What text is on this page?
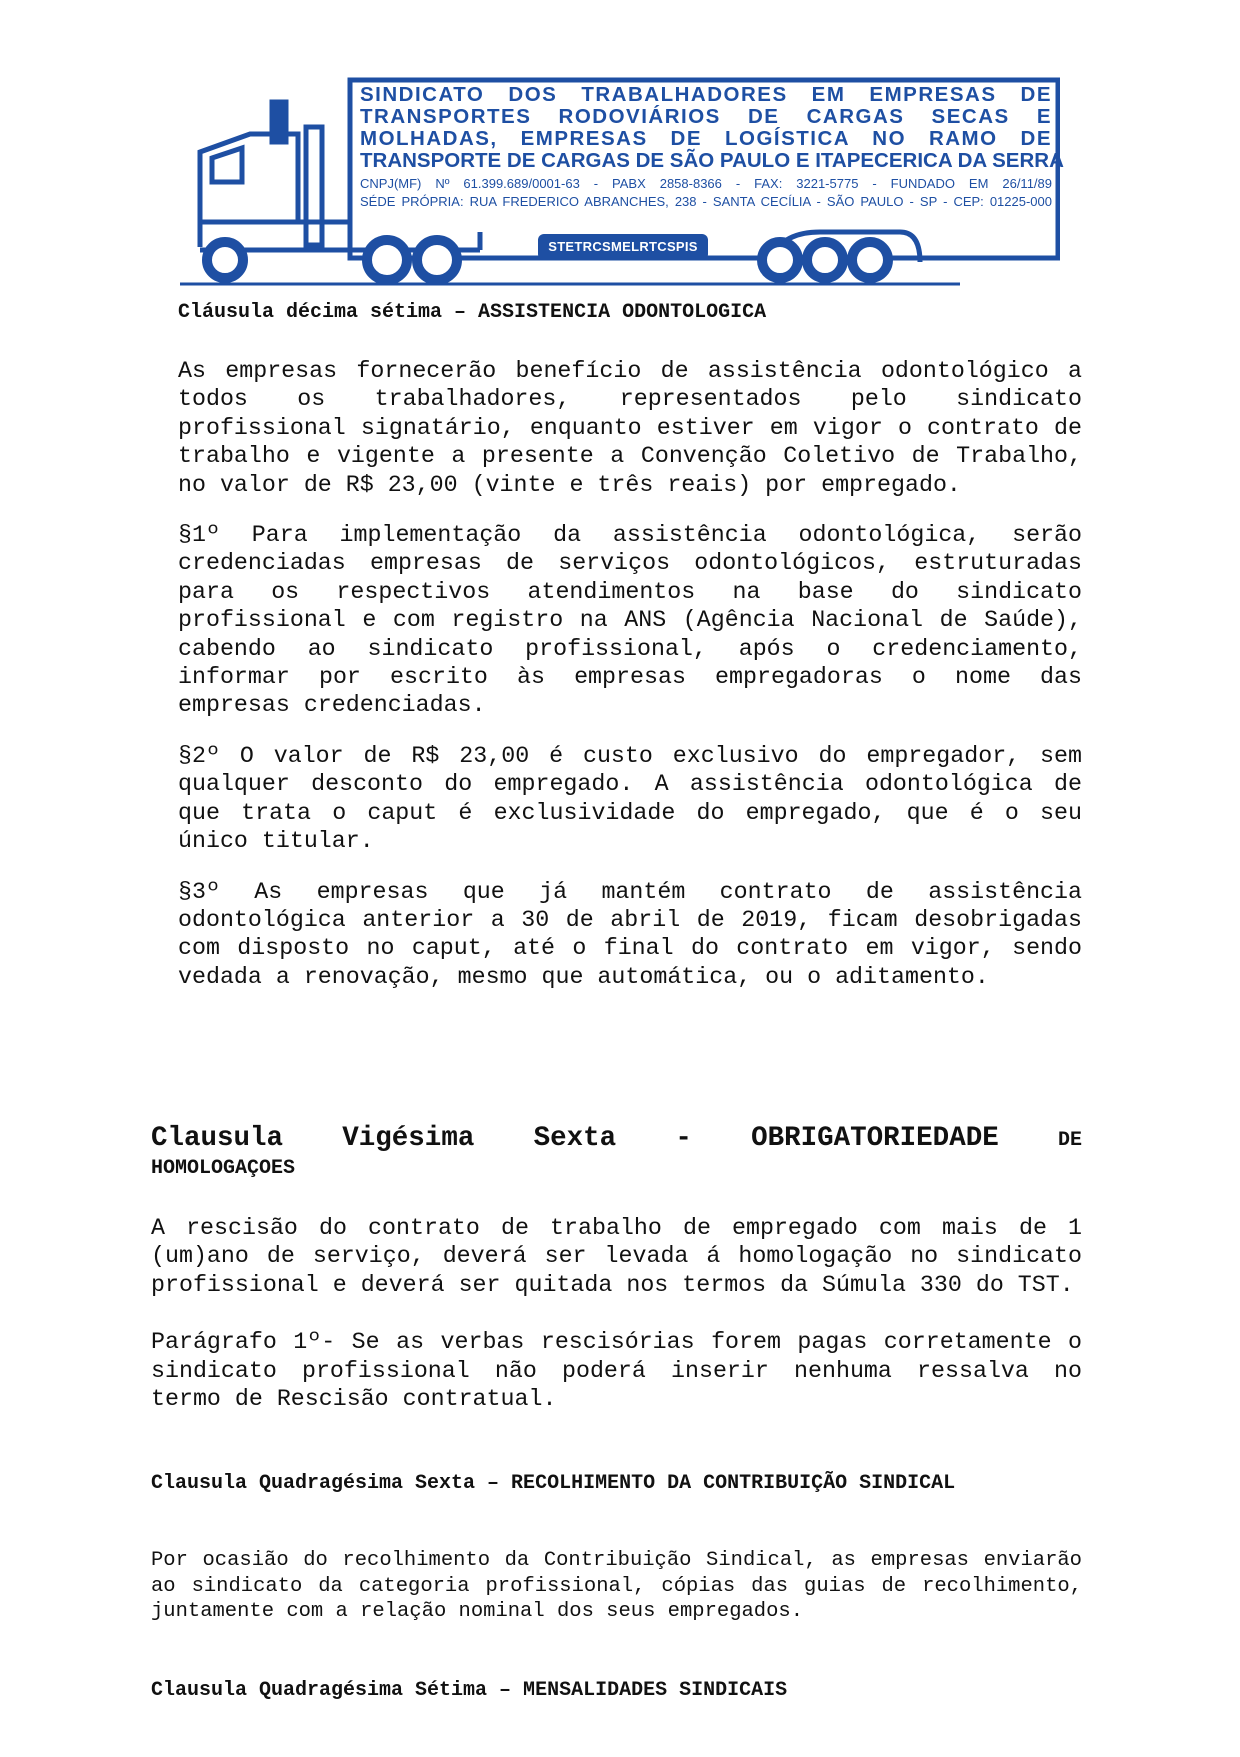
SINDICATO DOS TRABALHADORES EM EMPRESAS DE
TRANSPORTES RODOVIÁRIOS DE CARGAS SECAS E
MOLHADAS, EMPRESAS DE LOGÍSTICA NO RAMO DE
TRANSPORTE DE CARGAS DE SÃO PAULO E ITAPECERICA DA SERRA
CNPJ(MF) Nº 61.399.689/0001-63 - PABX 2858-8366 - FAX: 3221-5775 - FUNDADO EM 26/11/89
SÉDE PRÓPRIA: RUA FREDERICO ABRANCHES, 238 - SANTA CECÍLIA - SÃO PAULO - SP - CEP: 01225-000
STETRCSMELRTCSPIS

Cláusula décima sétima – ASSISTENCIA ODONTOLOGICA

As empresas fornecerão benefício de assistência odontológico a todos os trabalhadores, representados pelo sindicato profissional signatário, enquanto estiver em vigor o contrato de trabalho e vigente a presente a Convenção Coletivo de Trabalho, no valor de R$ 23,00 (vinte e três reais) por empregado.

§1º Para implementação da assistência odontológica, serão credenciadas empresas de serviços odontológicos, estruturadas para os respectivos atendimentos na base do sindicato profissional e com registro na ANS (Agência Nacional de Saúde), cabendo ao sindicato profissional, após o credenciamento, informar por escrito às empresas empregadoras o nome das empresas credenciadas.

§2º O valor de R$ 23,00 é custo exclusivo do empregador, sem qualquer desconto do empregado. A assistência odontológica de que trata o caput é exclusividade do empregado, que é o seu único titular.

§3º As empresas que já mantém contrato de assistência odontológica anterior a 30 de abril de 2019, ficam desobrigadas com disposto no caput, até o final do contrato em vigor, sendo vedada a renovação, mesmo que automática, ou o aditamento.

Clausula Vigésima Sexta - OBRIGATORIEDADE	DE

HOMOLOGAÇOES

A rescisão do contrato de trabalho de empregado com mais de 1 (um)ano de serviço, deverá ser levada á homologação no sindicato profissional e deverá ser quitada nos termos da Súmula 330 do TST.

Parágrafo 1º- Se as verbas rescisórias forem pagas corretamente o sindicato profissional não poderá inserir nenhuma ressalva no termo de Rescisão contratual.

Clausula Quadragésima Sexta – RECOLHIMENTO DA CONTRIBUIÇÃO SINDICAL

Por ocasião do recolhimento da Contribuição Sindical, as empresas enviarão ao sindicato da categoria profissional, cópias das guias de recolhimento, juntamente com a relação nominal dos seus empregados.

Clausula Quadragésima Sétima – MENSALIDADES SINDICAIS
